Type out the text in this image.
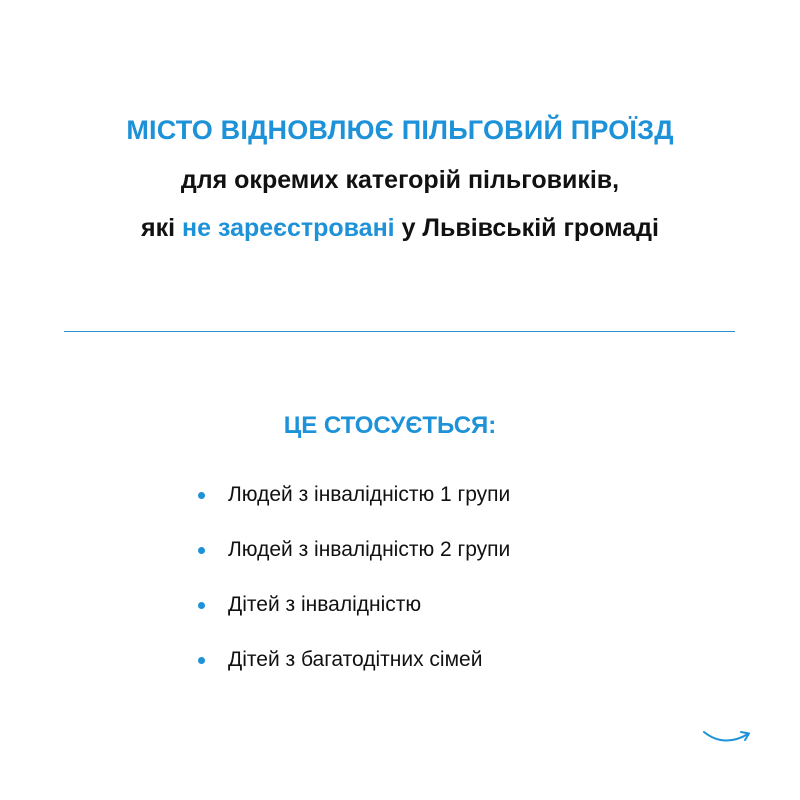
МІСТО ВІДНОВЛЮЄ ПІЛЬГОВИЙ ПРОЇЗД
для окремих категорій пільговиків,
які не зареєстровані у Львівській громаді
ЦЕ СТОСУЄТЬСЯ:
Людей з інвалідністю 1 групи
Людей з інвалідністю 2 групи
Дітей з інвалідністю
Дітей з багатодітних сімей
